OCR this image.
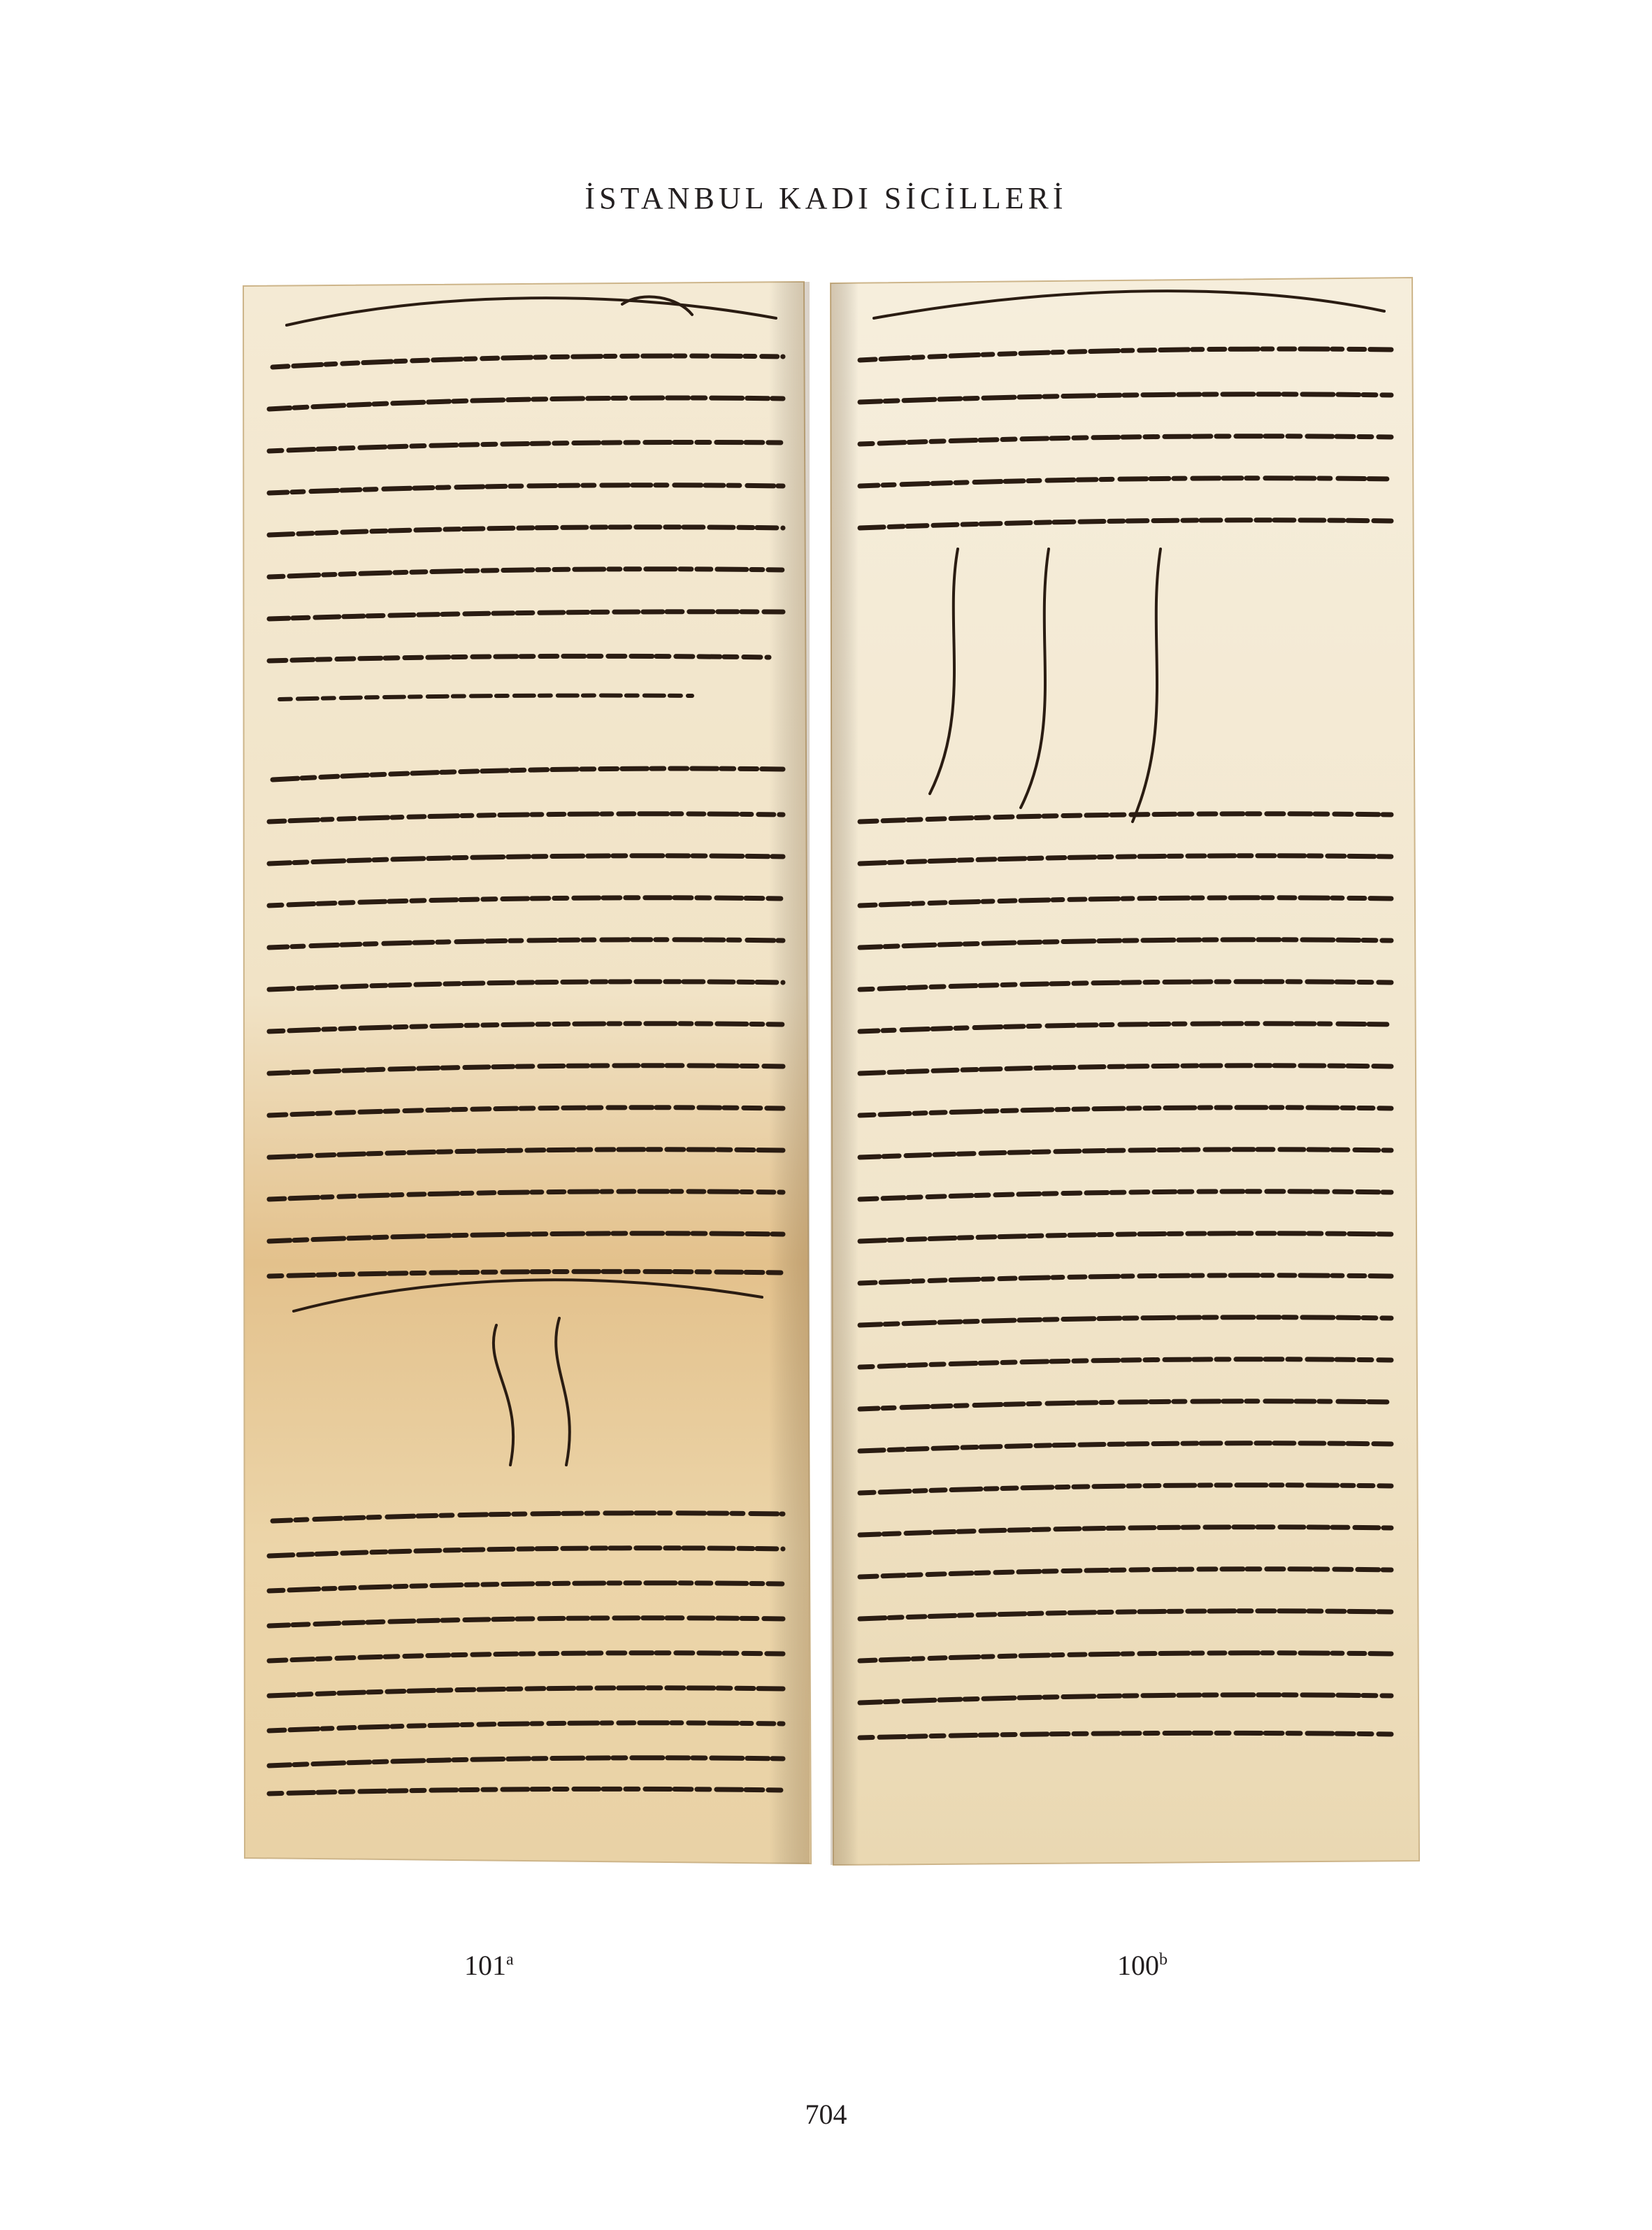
İSTANBUL KADI SİCİLLERİ
101$^a$	100$^b$
704
